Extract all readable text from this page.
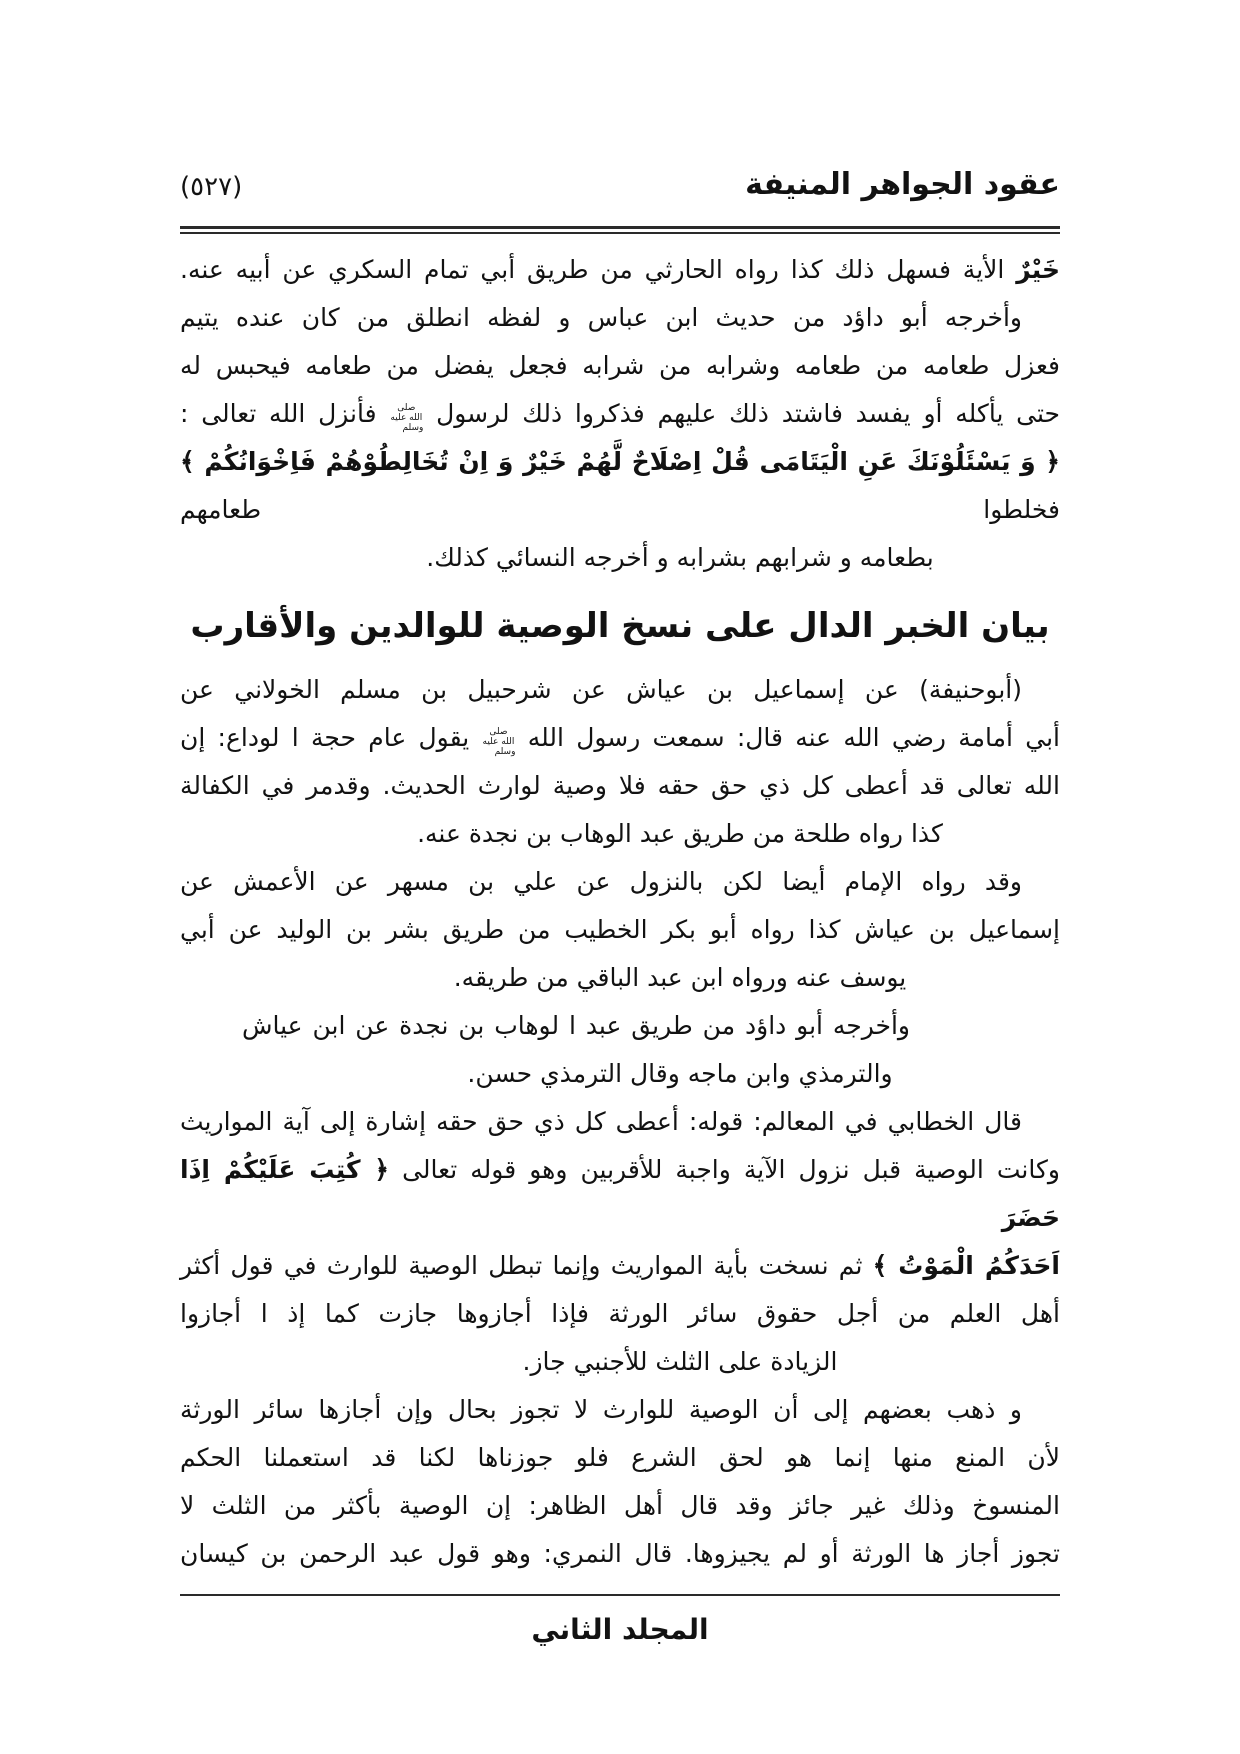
عقود الجواهر المنيفة
(٥٢٧)
خَيْرٌ الأية فسهل ذلك كذا رواه الحارثي من طريق أبي تمام السكري عن أبيه عنه.
وأخرجه أبو داؤد من حديث ابن عباس و لفظه انطلق من كان عنده يتيم
فعزل طعامه من طعامه وشرابه من شرابه فجعل يفضل من طعامه فيحبس له
حتى يأكله أو يفسد فاشتد ذلك عليهم فذكروا ذلك لرسول صلى الله عليه وسلم فأنزل الله تعالى :
﴿ وَ يَسْئَلُوْنَكَ عَنِ الْيَتَامَى قُلْ اِصْلَاحٌ لَّهُمْ خَيْرٌ وَ اِنْ تُخَالِطُوْهُمْ فَاِخْوَانُكُمْ ﴾ فخلطوا طعامهم
بطعامه و شرابهم بشرابه و أخرجه النسائي كذلك.
بيان الخبر الدال على نسخ الوصية للوالدين والأقارب
(أبوحنيفة) عن إسماعيل بن عياش عن شرحبيل بن مسلم الخولاني عن
أبي أمامة رضي الله عنه قال: سمعت رسول الله صلى الله عليه وسلم يقول عام حجة ا لوداع: إن
الله تعالى قد أعطى كل ذي حق حقه فلا وصية لوارث الحديث. وقدمر في الكفالة
كذا رواه طلحة من طريق عبد الوهاب بن نجدة عنه.
وقد رواه الإمام أيضا لكن بالنزول عن علي بن مسهر عن الأعمش عن
إسماعيل بن عياش كذا رواه أبو بكر الخطيب من طريق بشر بن الوليد عن أبي
يوسف عنه ورواه ابن عبد الباقي من طريقه.
وأخرجه أبو داؤد من طريق عبد ا لوهاب بن نجدة عن ابن عياش
والترمذي وابن ماجه وقال الترمذي حسن.
قال الخطابي في المعالم: قوله: أعطى كل ذي حق حقه إشارة إلى آية المواريث
وكانت الوصية قبل نزول الآية واجبة للأقربين وهو قوله تعالى ﴿ كُتِبَ عَلَيْكُمْ اِذَا حَضَرَ
اَحَدَكُمُ الْمَوْتُ ﴾ ثم نسخت بأية المواريث وإنما تبطل الوصية للوارث في قول أكثر
أهل العلم من أجل حقوق سائر الورثة فإذا أجازوها جازت كما إذ ا أجازوا
الزيادة على الثلث للأجنبي جاز.
و ذهب بعضهم إلى أن الوصية للوارث لا تجوز بحال وإن أجازها سائر الورثة
لأن المنع منها إنما هو لحق الشرع فلو جوزناها لكنا قد استعملنا الحكم
المنسوخ وذلك غير جائز وقد قال أهل الظاهر: إن الوصية بأكثر من الثلث لا
تجوز أجاز ها الورثة أو لم يجيزوها. قال النمري: وهو قول عبد الرحمن بن كيسان
المجلد الثاني
